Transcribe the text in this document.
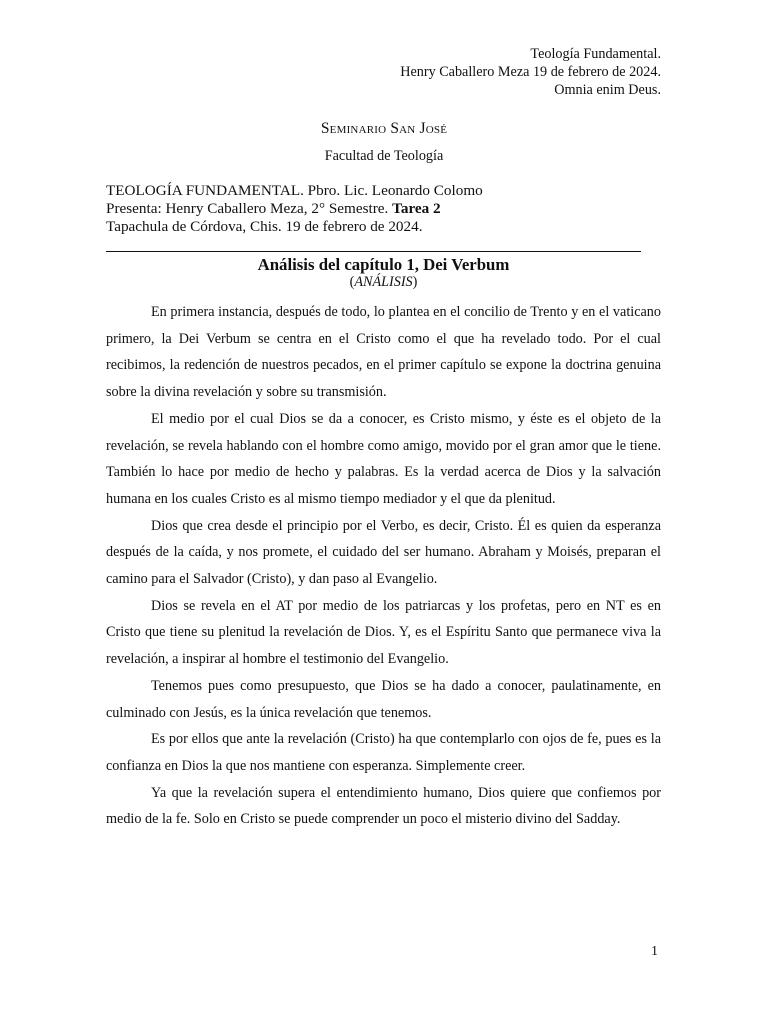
Teología Fundamental.
Henry Caballero Meza 19 de febrero de 2024.
Omnia enim Deus.
Seminario San José
Facultad de Teología
TEOLOGÍA FUNDAMENTAL. Pbro. Lic. Leonardo Colomo
Presenta: Henry Caballero Meza, 2° Semestre. Tarea 2
Tapachula de Córdova, Chis. 19 de febrero de 2024.
Análisis del capítulo 1, Dei Verbum
(ANÁLISIS)

En primera instancia, después de todo, lo plantea en el concilio de Trento y en el vaticano primero, la Dei Verbum se centra en el Cristo como el que ha revelado todo. Por el cual recibimos, la redención de nuestros pecados, en el primer capítulo se expone la doctrina genuina sobre la divina revelación y sobre su transmisión.

El medio por el cual Dios se da a conocer, es Cristo mismo, y éste es el objeto de la revelación, se revela hablando con el hombre como amigo, movido por el gran amor que le tiene. También lo hace por medio de hecho y palabras. Es la verdad acerca de Dios y la salvación humana en los cuales Cristo es al mismo tiempo mediador y el que da plenitud.

Dios que crea desde el principio por el Verbo, es decir, Cristo. Él es quien da esperanza después de la caída, y nos promete, el cuidado del ser humano. Abraham y Moisés, preparan el camino para el Salvador (Cristo), y dan paso al Evangelio.

Dios se revela en el AT por medio de los patriarcas y los profetas, pero en NT es en Cristo que tiene su plenitud la revelación de Dios. Y, es el Espíritu Santo que permanece viva la revelación, a inspirar al hombre el testimonio del Evangelio.

Tenemos pues como presupuesto, que Dios se ha dado a conocer, paulatinamente, en culminado con Jesús, es la única revelación que tenemos.

Es por ellos que ante la revelación (Cristo) ha que contemplarlo con ojos de fe, pues es la confianza en Dios la que nos mantiene con esperanza. Simplemente creer.

Ya que la revelación supera el entendimiento humano, Dios quiere que confiemos por medio de la fe. Solo en Cristo se puede comprender un poco el misterio divino del Sadday.

1
